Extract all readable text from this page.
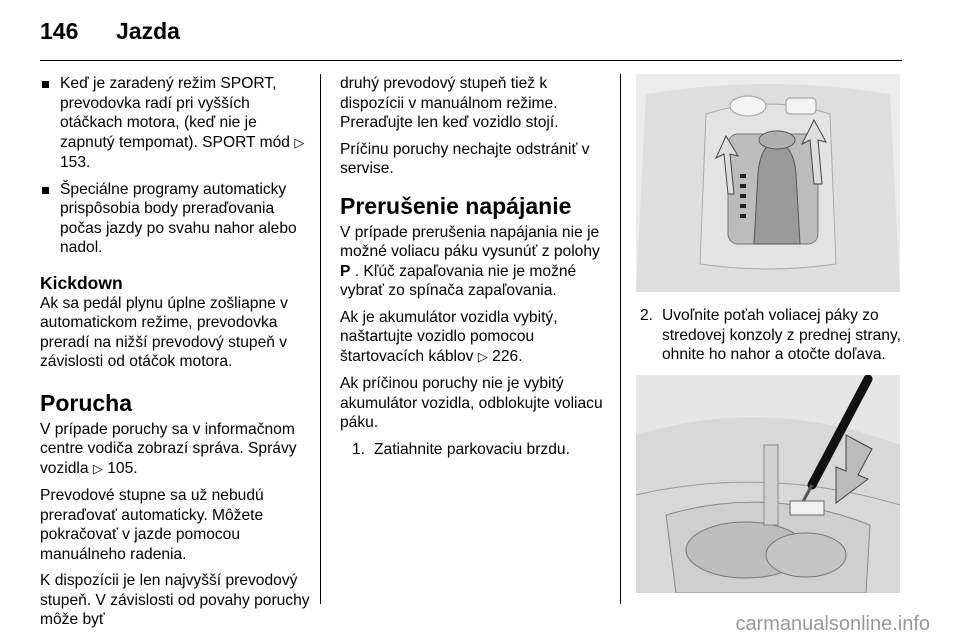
146 Jazda
Keď je zaradený režim SPORT, prevodovka radí pri vyšších otáčkach motora, (keď nie je zapnutý tempomat). SPORT mód ▷ 153.
Špeciálne programy automaticky prispôsobia body preraďovania počas jazdy po svahu nahor alebo nadol.
Kickdown

Ak sa pedál plynu úplne zošliapne v automatickom režime, prevodovka preradí na nižší prevodový stupeň v závislosti od otáčok motora.

Porucha

V prípade poruchy sa v informačnom centre vodiča zobrazí správa. Správy vozidla ▷ 105.

Prevodové stupne sa už nebudú preraďovať automaticky. Môžete pokračovať v jazde pomocou manuálneho radenia.

K dispozícii je len najvyšší prevodový stupeň. V závislosti od povahy poruchy môže byť

druhý prevodový stupeň tiež k dispozícii v manuálnom režime. Preraďujte len keď vozidlo stojí.

Príčinu poruchy nechajte odstrániť v servise.

Prerušenie napájanie

V prípade prerušenia napájania nie je možné voliacu páku vysunúť z polohy P . Kľúč zapaľovania nie je možné vybrať zo spínača zapaľovania.

Ak je akumulátor vozidla vybitý, naštartujte vozidlo pomocou štartovacích káblov ▷ 226.

Ak príčinou poruchy nie je vybitý akumulátor vozidla, odblokujte voliacu páku.

1. Zatiahnite parkovaciu brzdu.
2. Uvoľnite poťah voliacej páky zo stredovej konzoly z prednej strany, ohnite ho nahor a otočte doľava.
carmanualsonline.info
